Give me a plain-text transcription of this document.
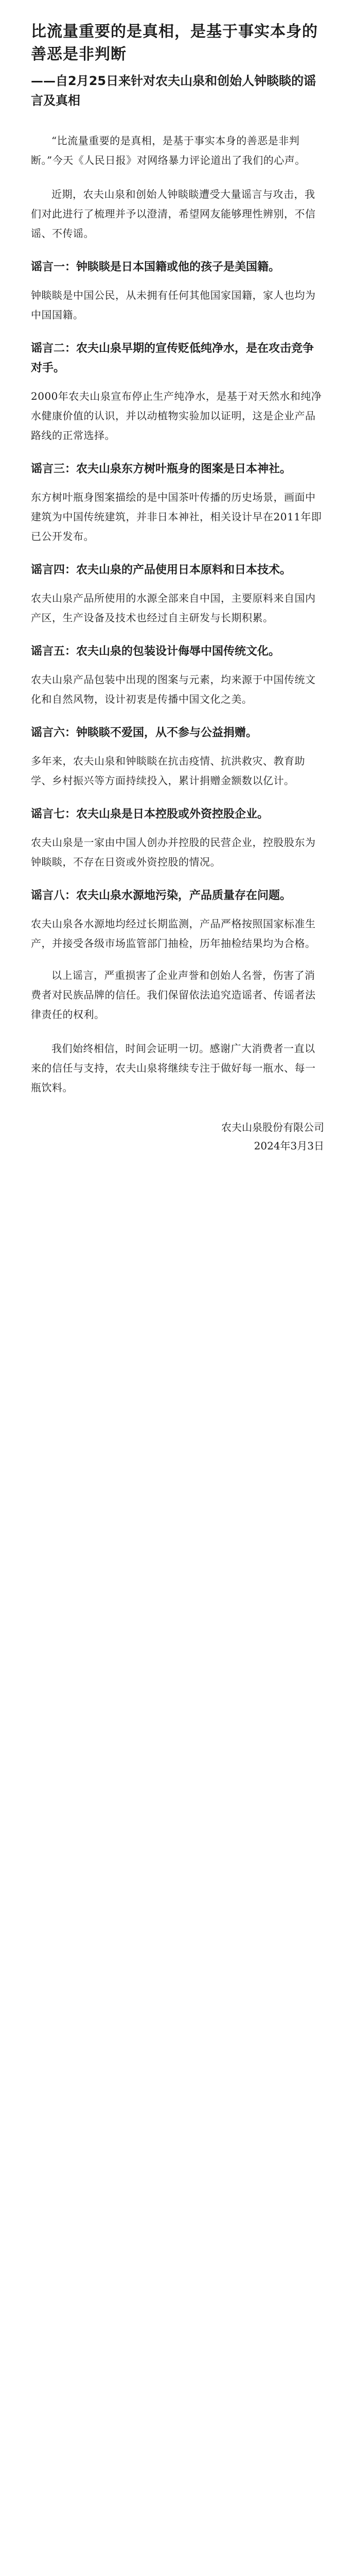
比流量重要的是真相，是基于事实本身的善恶是非判断
——自2月25日来针对农夫山泉和创始人钟睒睒的谣言及真相

“比流量重要的是真相，是基于事实本身的善恶是非判断。”今天《人民日报》对网络暴力评论道出了我们的心声。

近期，农夫山泉和创始人钟睒睒遭受大量谣言与攻击，我们对此进行了梳理并予以澄清，希望网友能够理性辨别，不信谣、不传谣。

谣言一：钟睒睒是日本国籍或他的孩子是美国籍。
钟睒睒是中国公民，从未拥有任何其他国家国籍，家人也均为中国国籍。
谣言二：农夫山泉早期的宣传贬低纯净水，是在攻击竞争对手。
2000年农夫山泉宣布停止生产纯净水，是基于对天然水和纯净水健康价值的认识，并以动植物实验加以证明，这是企业产品路线的正常选择。
谣言三：农夫山泉东方树叶瓶身的图案是日本神社。
东方树叶瓶身图案描绘的是中国茶叶传播的历史场景，画面中建筑为中国传统建筑，并非日本神社，相关设计早在2011年即已公开发布。
谣言四：农夫山泉的产品使用日本原料和日本技术。
农夫山泉产品所使用的水源全部来自中国，主要原料来自国内产区，生产设备及技术也经过自主研发与长期积累。
谣言五：农夫山泉的包装设计侮辱中国传统文化。
农夫山泉产品包装中出现的图案与元素，均来源于中国传统文化和自然风物，设计初衷是传播中国文化之美。
谣言六：钟睒睒不爱国，从不参与公益捐赠。
多年来，农夫山泉和钟睒睒在抗击疫情、抗洪救灾、教育助学、乡村振兴等方面持续投入，累计捐赠金额数以亿计。
谣言七：农夫山泉是日本控股或外资控股企业。
农夫山泉是一家由中国人创办并控股的民营企业，控股股东为钟睒睒，不存在日资或外资控股的情况。
谣言八：农夫山泉水源地污染，产品质量存在问题。
农夫山泉各水源地均经过长期监测，产品严格按照国家标准生产，并接受各级市场监管部门抽检，历年抽检结果均为合格。

以上谣言，严重损害了企业声誉和创始人名誉，伤害了消费者对民族品牌的信任。我们保留依法追究造谣者、传谣者法律责任的权利。

我们始终相信，时间会证明一切。感谢广大消费者一直以来的信任与支持，农夫山泉将继续专注于做好每一瓶水、每一瓶饮料。

农夫山泉股份有限公司
2024年3月3日
